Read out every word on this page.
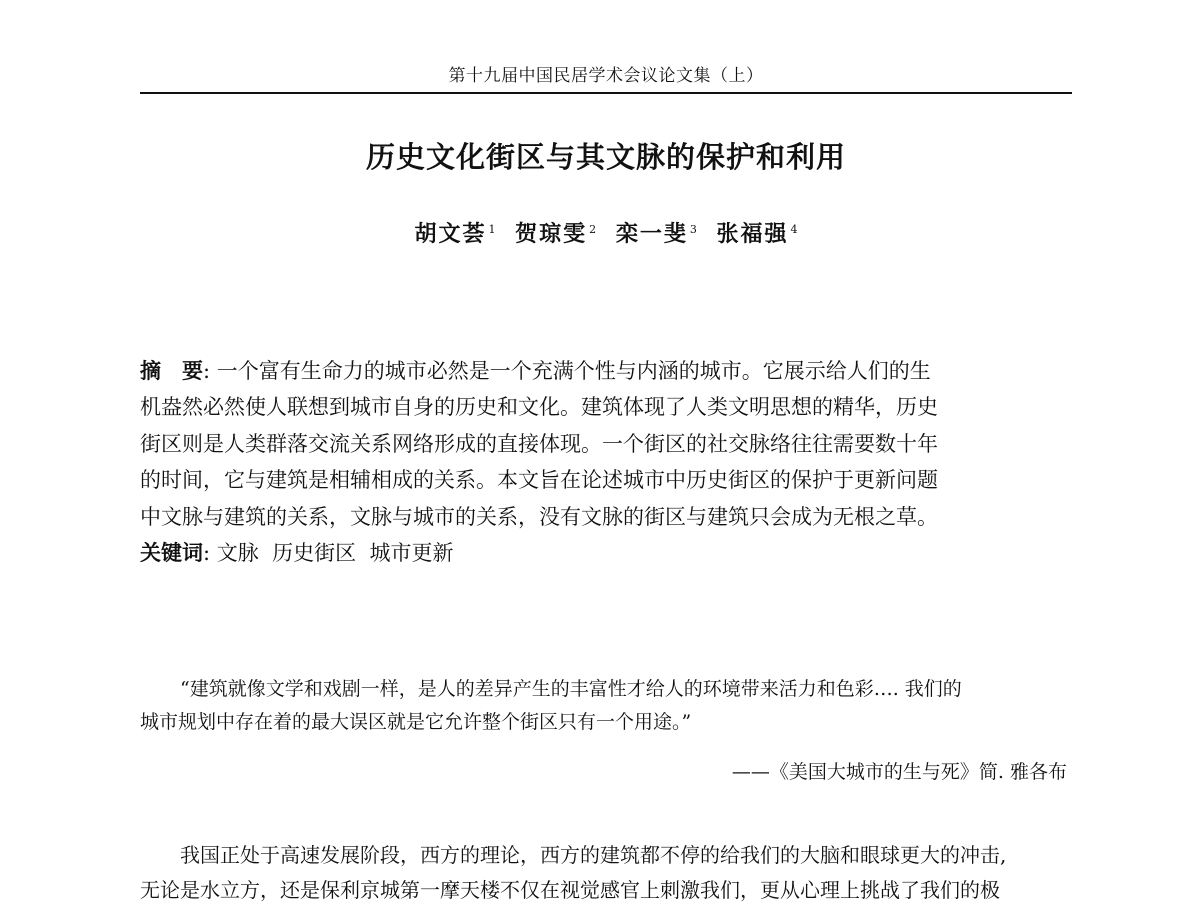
第十九届中国民居学术会议论文集（上）
历史文化街区与其文脉的保护和利用
胡文荟 $^1$ 贺琼雯 $^2$ 栾一斐 $^3$ 张福强 $^4$
摘　要: 一个富有生命力的城市必然是一个充满个性与内涵的城市。它展示给人们的生
机盎然必然使人联想到城市自身的历史和文化。建筑体现了人类文明思想的精华，历史
街区则是人类群落交流关系网络形成的直接体现。一个街区的社交脉络往往需要数十年
的时间，它与建筑是相辅相成的关系。本文旨在论述城市中历史街区的保护于更新问题
中文脉与建筑的关系，文脉与城市的关系，没有文脉的街区与建筑只会成为无根之草。
关键词: 文脉  历史街区  城市更新
“建筑就像文学和戏剧一样，是人的差异产生的丰富性才给人的环境带来活力和色彩…. 我们的
城市规划中存在着的最大误区就是它允许整个街区只有一个用途。”
——《美国大城市的生与死》简. 雅各布
我国正处于高速发展阶段，西方的理论，西方的建筑都不停的给我们的大脑和眼球更大的冲击,
无论是水立方，还是保利京城第一摩天楼不仅在视觉感官上刺激我们，更从心理上挑战了我们的极
